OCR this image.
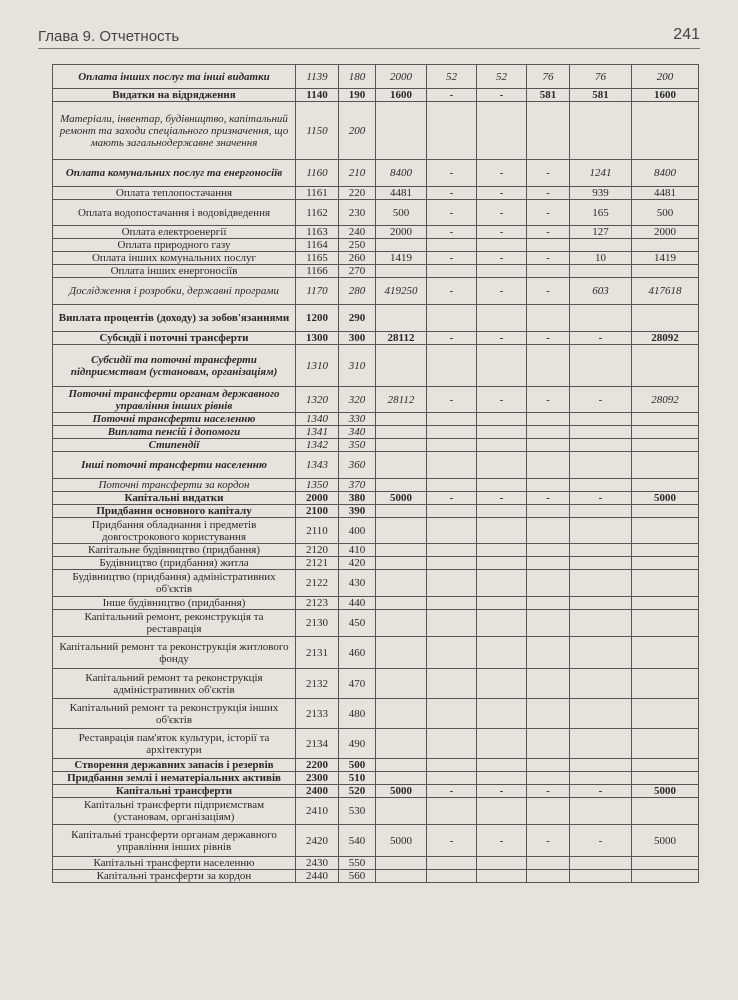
Глава 9. Отчетность	241
Оплата інших послуг та інші видатки	1139	180	2000	52	52	76	76	200
Видатки на відрядження	1140	190	1600	-	-	581	581	1600
Матеріали, інвентар, будівництво, капітальний ремонт та заходи спеціального призначення, що мають загальнодержавне значення	1150	200						
Оплата комунальних послуг та енергоносіїв	1160	210	8400	-	-	-	1241	8400
Оплата теплопостачання	1161	220	4481	-	-	-	939	4481
Оплата водопостачання і водовідведення	1162	230	500	-	-	-	165	500
Оплата електроенергії	1163	240	2000	-	-	-	127	2000
Оплата природного газу	1164	250						
Оплата інших комунальних послуг	1165	260	1419	-	-	-	10	1419
Оплата інших енергоносіїв	1166	270						
Дослідження і розробки, державні програми	1170	280	419250	-	-	-	603	417618
Виплата процентів (доходу) за зобов'язаннями	1200	290						
Субсидії і поточні трансферти	1300	300	28112	-	-	-	-	28092
Субсидії та поточні трансферти підприємствам (установам, організаціям)	1310	310						
Поточні трансферти органам державного управління інших рівнів	1320	320	28112	-	-	-	-	28092
Поточні трансферти населенню	1340	330						
Виплата пенсій і допомоги	1341	340						
Стипендії	1342	350						
Інші поточні трансферти населенню	1343	360						
Поточні трансферти за кордон	1350	370						
Капітальні видатки	2000	380	5000	-	-	-	-	5000
Придбання основного капіталу	2100	390						
Придбання обладнання і предметів довгострокового користування	2110	400						
Капітальне будівництво (придбання)	2120	410						
Будівництво (придбання) житла	2121	420						
Будівництво (придбання) адміністративних об'єктів	2122	430						
Інше будівництво (придбання)	2123	440						
Капітальний ремонт, реконструкція та реставрація	2130	450						
Капітальний ремонт та реконструкція житлового фонду	2131	460						
Капітальний ремонт та реконструкція адміністративних об'єктів	2132	470						
Капітальний ремонт та реконструкція інших об'єктів	2133	480						
Реставрація пам'яток культури, історії та архітектури	2134	490						
Створення державних запасів і резервів	2200	500						
Придбання землі і нематеріальних активів	2300	510						
Капітальні трансферти	2400	520	5000	-	-	-	-	5000
Капітальні трансферти підприємствам (установам, організаціям)	2410	530						
Капітальні трансферти органам державного управління інших рівнів	2420	540	5000	-	-	-	-	5000
Капітальні трансферти населенню	2430	550						
Капітальні трансферти за кордон	2440	560						
